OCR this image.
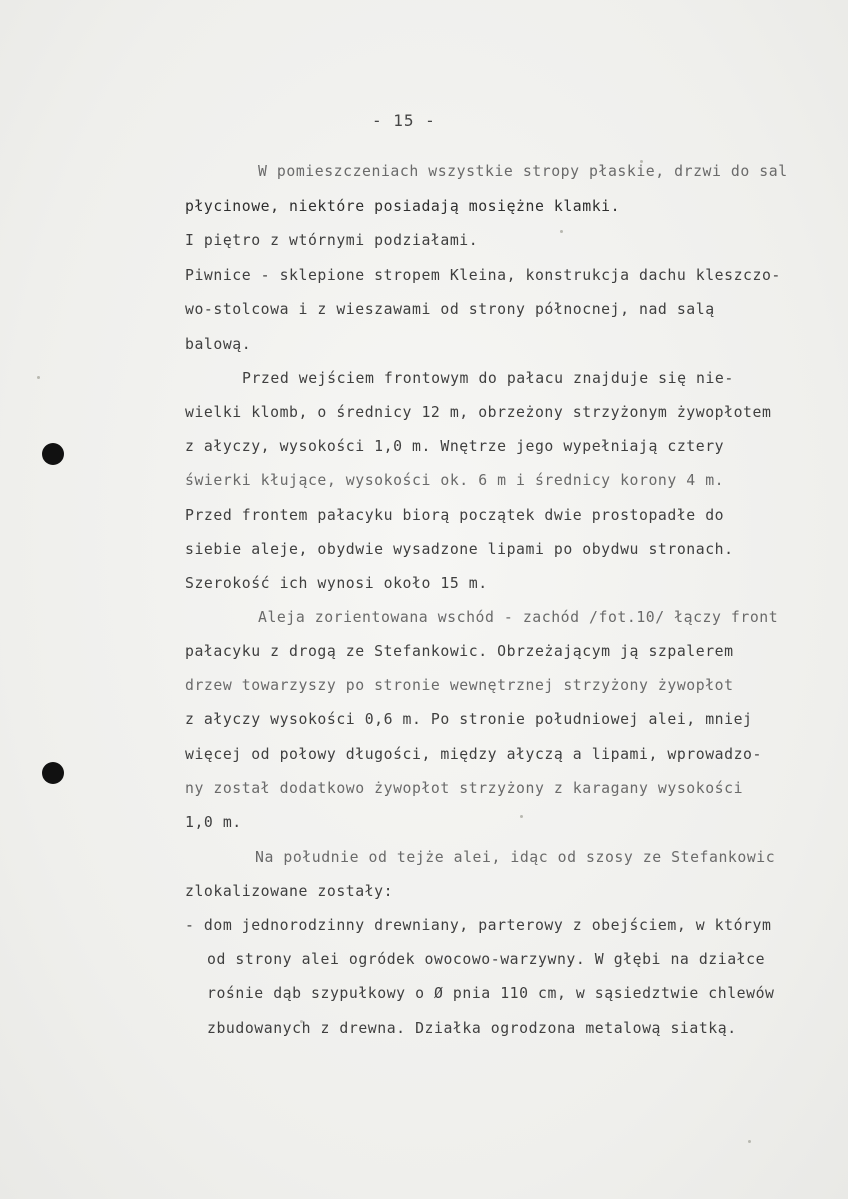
- 15 -
W pomieszczeniach wszystkie stropy płaskie, drzwi do sal
płycinowe, niektóre posiadają mosiężne klamki.
I piętro z wtórnymi podziałami.
Piwnice - sklepione stropem Kleina, konstrukcja dachu kleszczo-
wo-stolcowa i z wieszawami od strony północnej, nad salą
balową.
Przed wejściem frontowym do pałacu znajduje się nie-
wielki klomb, o średnicy 12 m, obrzeżony strzyżonym żywopłotem
z ałyczy, wysokości 1,0 m. Wnętrze jego wypełniają cztery
świerki kłujące, wysokości ok. 6 m i średnicy korony 4 m.
Przed frontem pałacyku biorą początek dwie prostopadłe do
siebie aleje, obydwie wysadzone lipami po obydwu stronach.
Szerokość ich wynosi około 15 m.
Aleja zorientowana wschód - zachód /fot.10/ łączy front
pałacyku z drogą ze Stefankowic. Obrzeżającym ją szpalerem
drzew towarzyszy po stronie wewnętrznej strzyżony żywopłot
z ałyczy wysokości 0,6 m. Po stronie południowej alei, mniej
więcej od połowy długości, między ałyczą a lipami, wprowadzo-
ny został dodatkowo żywopłot strzyżony z karagany wysokości
1,0 m.
Na południe od tejże alei, idąc od szosy ze Stefankowic
zlokalizowane zostały:
- dom jednorodzinny drewniany, parterowy z obejściem, w którym
od strony alei ogródek owocowo-warzywny. W głębi na działce
rośnie dąb szypułkowy o Ø pnia 110 cm, w sąsiedztwie chlewów
zbudowanych z drewna. Działka ogrodzona metalową siatką.
